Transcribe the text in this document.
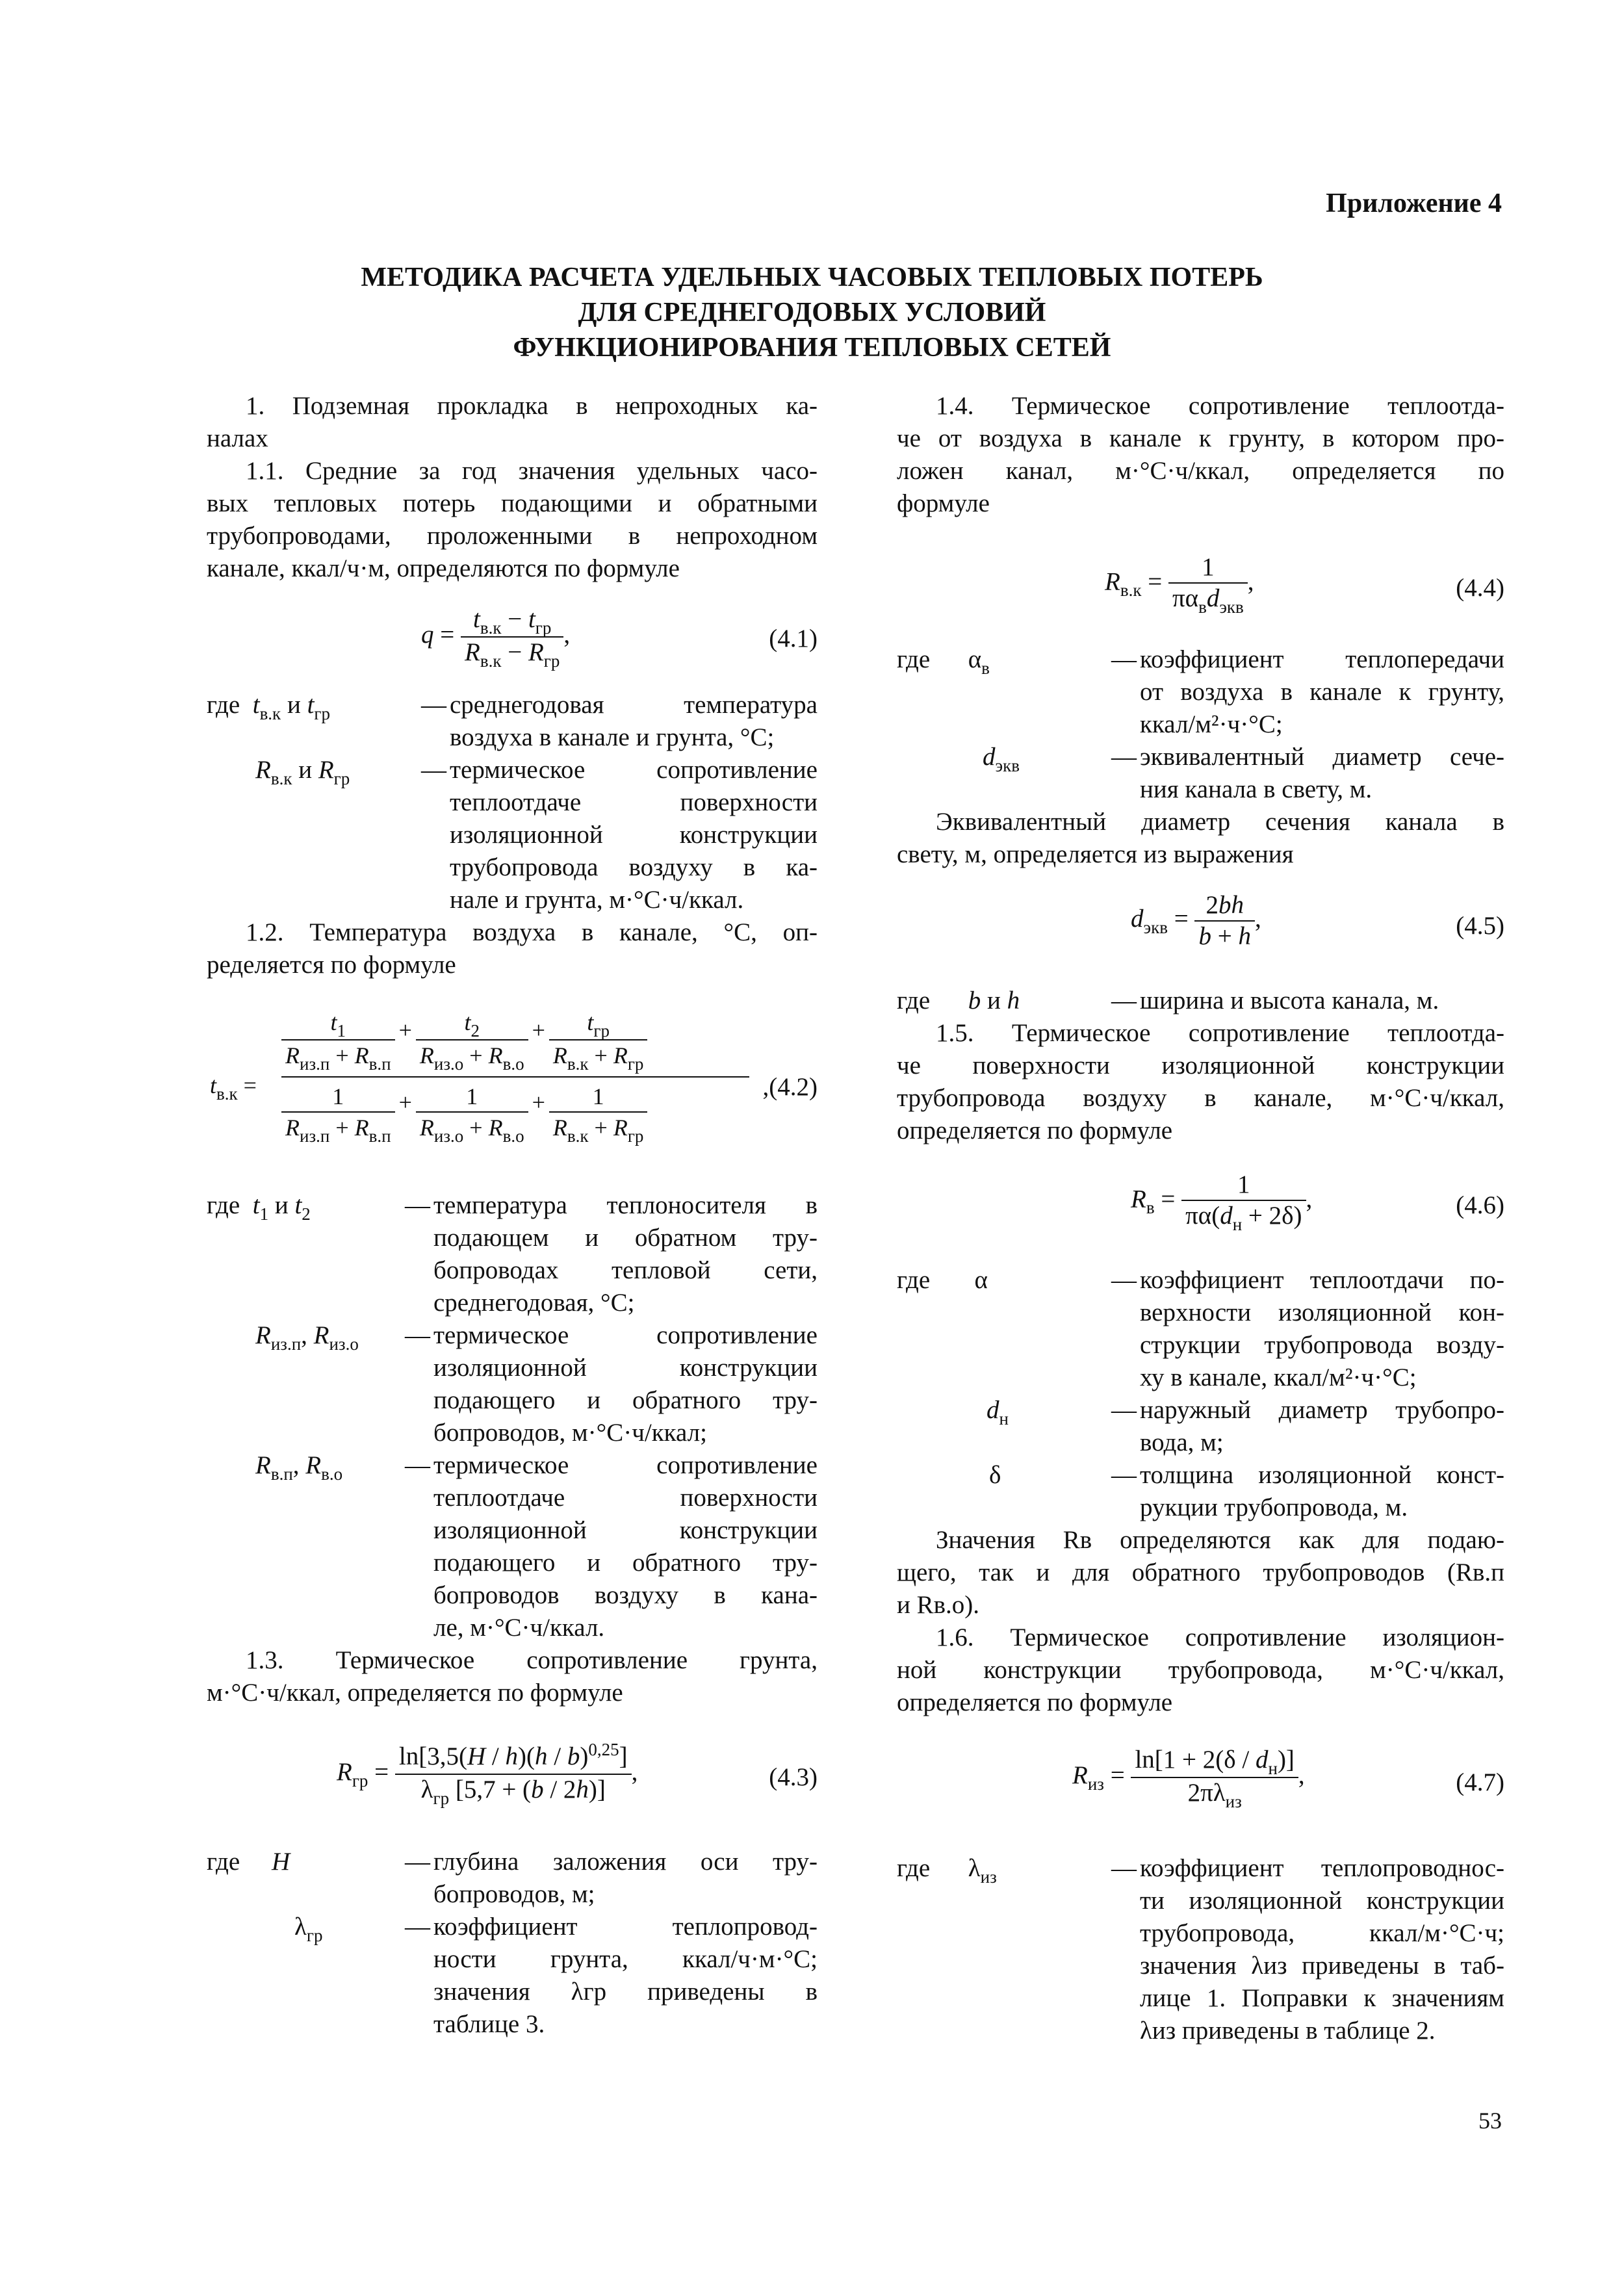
Приложение 4
МЕТОДИКА РАСЧЕТА УДЕЛЬНЫХ ЧАСОВЫХ ТЕПЛОВЫХ ПОТЕРЬ
ДЛЯ СРЕДНЕГОДОВЫХ УСЛОВИЙ
ФУНКЦИОНИРОВАНИЯ ТЕПЛОВЫХ СЕТЕЙ
1. Подземная прокладка в непроходных ка-
налах
1.1. Средние за год значения удельных часо-
вых тепловых потерь подающими и обратными
трубопроводами, проложенными в непроходном
канале, ккал/ч·м, определяются по формуле
$q = \frac{t_{в.к} - t_{гр}}{R_{в.к} - R_{гр}}$ ,	(4.1)
где  $t_{в.к}$ и $t_{гр}$	— среднегодовая температура
воздуха в канале и грунта, °С;
$R_{в.к}$ и $R_{гр}$	— термическое сопротивление
теплоотдаче поверхности
изоляционной конструкции
трубопровода воздуху в ка-
нале и грунта, м·°С·ч/ккал.
1.2. Температура воздуха в канале, °С, оп-
ределяется по формуле
$t_{в.к}$ =
$\frac{t_1}{R_{из.п} + R_{в.п}} + \frac{t_2}{R_{из.о} + R_{в.о}} + \frac{t_{гр}}{R_{в.к} + R_{гр}}$
$\frac{1}{R_{из.п} + R_{в.п}} + \frac{1}{R_{из.о} + R_{в.о}} + \frac{1}{R_{в.к} + R_{гр}}$	,(4.2)
где  $t_1$ и $t_2$	— температура теплоносителя в
подающем и обратном тру-
бопроводах тепловой сети,
среднегодовая, °С;
$R_{из.п}$, $R_{из.о}$	— термическое сопротивление
изоляционной конструкции
подающего и обратного тру-
бопроводов, м·°С·ч/ккал;
$R_{в.п}$, $R_{в.о}$	— термическое сопротивление
теплоотдаче поверхности
изоляционной конструкции
подающего и обратного тру-
бопроводов воздуху в кана-
ле, м·°С·ч/ккал.
1.3. Термическое сопротивление грунта,
м·°С·ч/ккал, определяется по формуле
$R_{гр} = \frac{\ln[3,5(H / h)(h / b)^{0,25}]}{\lambda_{гр} [5,7 + (b / 2h)]}$ ,	(4.3)
где     H	— глубина заложения оси тру-
бопроводов, м;
$\lambda_{гр}$	— коэффициент теплопровод-
ности грунта, ккал/ч·м·°С;
значения λгр приведены в
таблице 3.
1.4. Термическое сопротивление теплоотда-
че от воздуха в канале к грунту, в котором про-
ложен канал, м·°С·ч/ккал, определяется по
формуле
$R_{в.к} = \frac{1}{\pi\alpha_вd_{экв}}$ ,	(4.4)
где      $\alpha_в$	— коэффициент теплопередачи
от воздуха в канале к грунту,
ккал/м²·ч·°С;
$d_{экв}$	— эквивалентный диаметр сече-
ния канала в свету, м.
Эквивалентный диаметр сечения канала в
свету, м, определяется из выражения
$d_{экв} = \frac{2bh}{b + h}$ ,	(4.5)
где      b и h	— ширина и высота канала, м.
1.5. Термическое сопротивление теплоотда-
че поверхности изоляционной конструкции
трубопровода воздуху в канале, м·°С·ч/ккал,
определяется по формуле
$R_в = \frac{1}{\pi\alpha(d_н + 2\delta)}$ ,	(4.6)
где       α	— коэффициент теплоотдачи по-
верхности изоляционной кон-
струкции трубопровода возду-
ху в канале, ккал/м²·ч·°С;
$d_н$	— наружный диаметр трубопро-
вода, м;
δ	— толщина изоляционной конст-
рукции трубопровода, м.
Значения Rв определяются как для подаю-
щего, так и для обратного трубопроводов (Rв.п
и Rв.о).
1.6. Термическое сопротивление изоляцион-
ной конструкции трубопровода, м·°С·ч/ккал,
определяется по формуле
$R_{из} = \frac{\ln[1 + 2(\delta / d_н)]}{2\pi\lambda_{из}}$ ,	(4.7)
где      $\lambda_{из}$	— коэффициент теплопроводнос-
ти изоляционной конструкции
трубопровода, ккал/м·°С·ч;
значения λиз приведены в таб-
лице 1. Поправки к значениям
λиз приведены в таблице 2.
53
